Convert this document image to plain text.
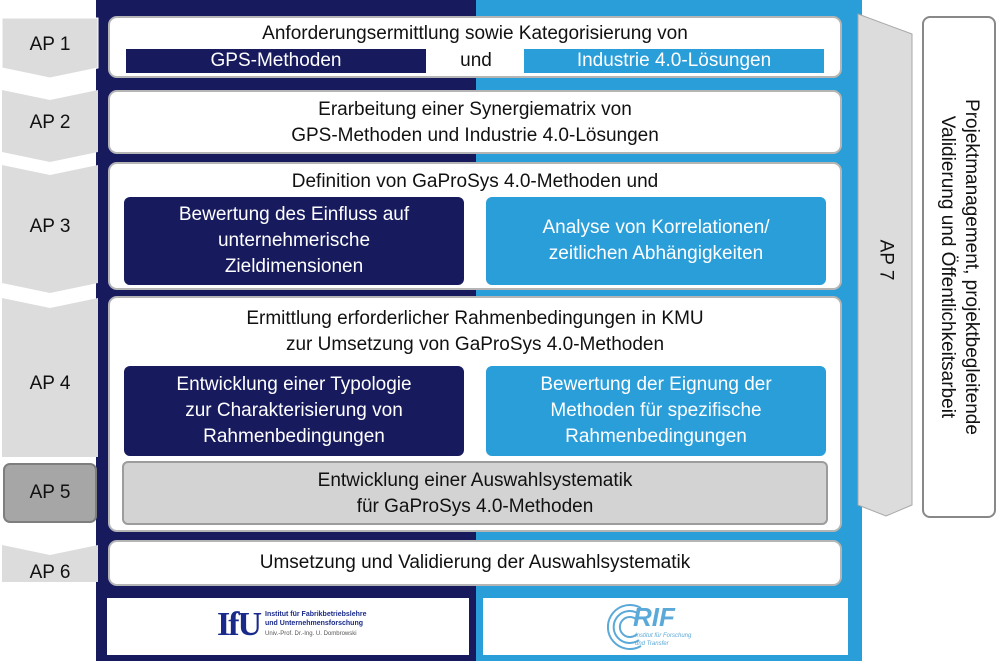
AP 1
AP 2
AP 3
AP 4
AP 5
AP 6
Anforderungsermittlung sowie Kategorisierung von
GPS-Methoden	und	Industrie 4.0-Lösungen
Erarbeitung einer Synergiematrix von
GPS-Methoden und Industrie 4.0-Lösungen
Definition von GaProSys 4.0-Methoden und
Bewertung des Einfluss auf
unternehmerische
Zieldimensionen
Analyse von Korrelationen/
zeitlichen Abhängigkeiten
Ermittlung erforderlicher Rahmenbedingungen in KMU
zur Umsetzung von GaProSys 4.0-Methoden
Entwicklung einer Typologie
zur Charakterisierung von
Rahmenbedingungen
Bewertung der Eignung der
Methoden für spezifische
Rahmenbedingungen
Entwicklung einer Auswahlsystematik
für GaProSys 4.0-Methoden
Umsetzung und Validierung der Auswahlsystematik
AP 7	Projektmanagement, projektbegleitende
Validierung und Öffentlichkeitsarbeit
IfU Institut für Fabrikbetriebslehre
und Unternehmensforschung
Univ.-Prof. Dr.-Ing. U. Dombrowski
RIF
Institut für Forschung
und Transfer
